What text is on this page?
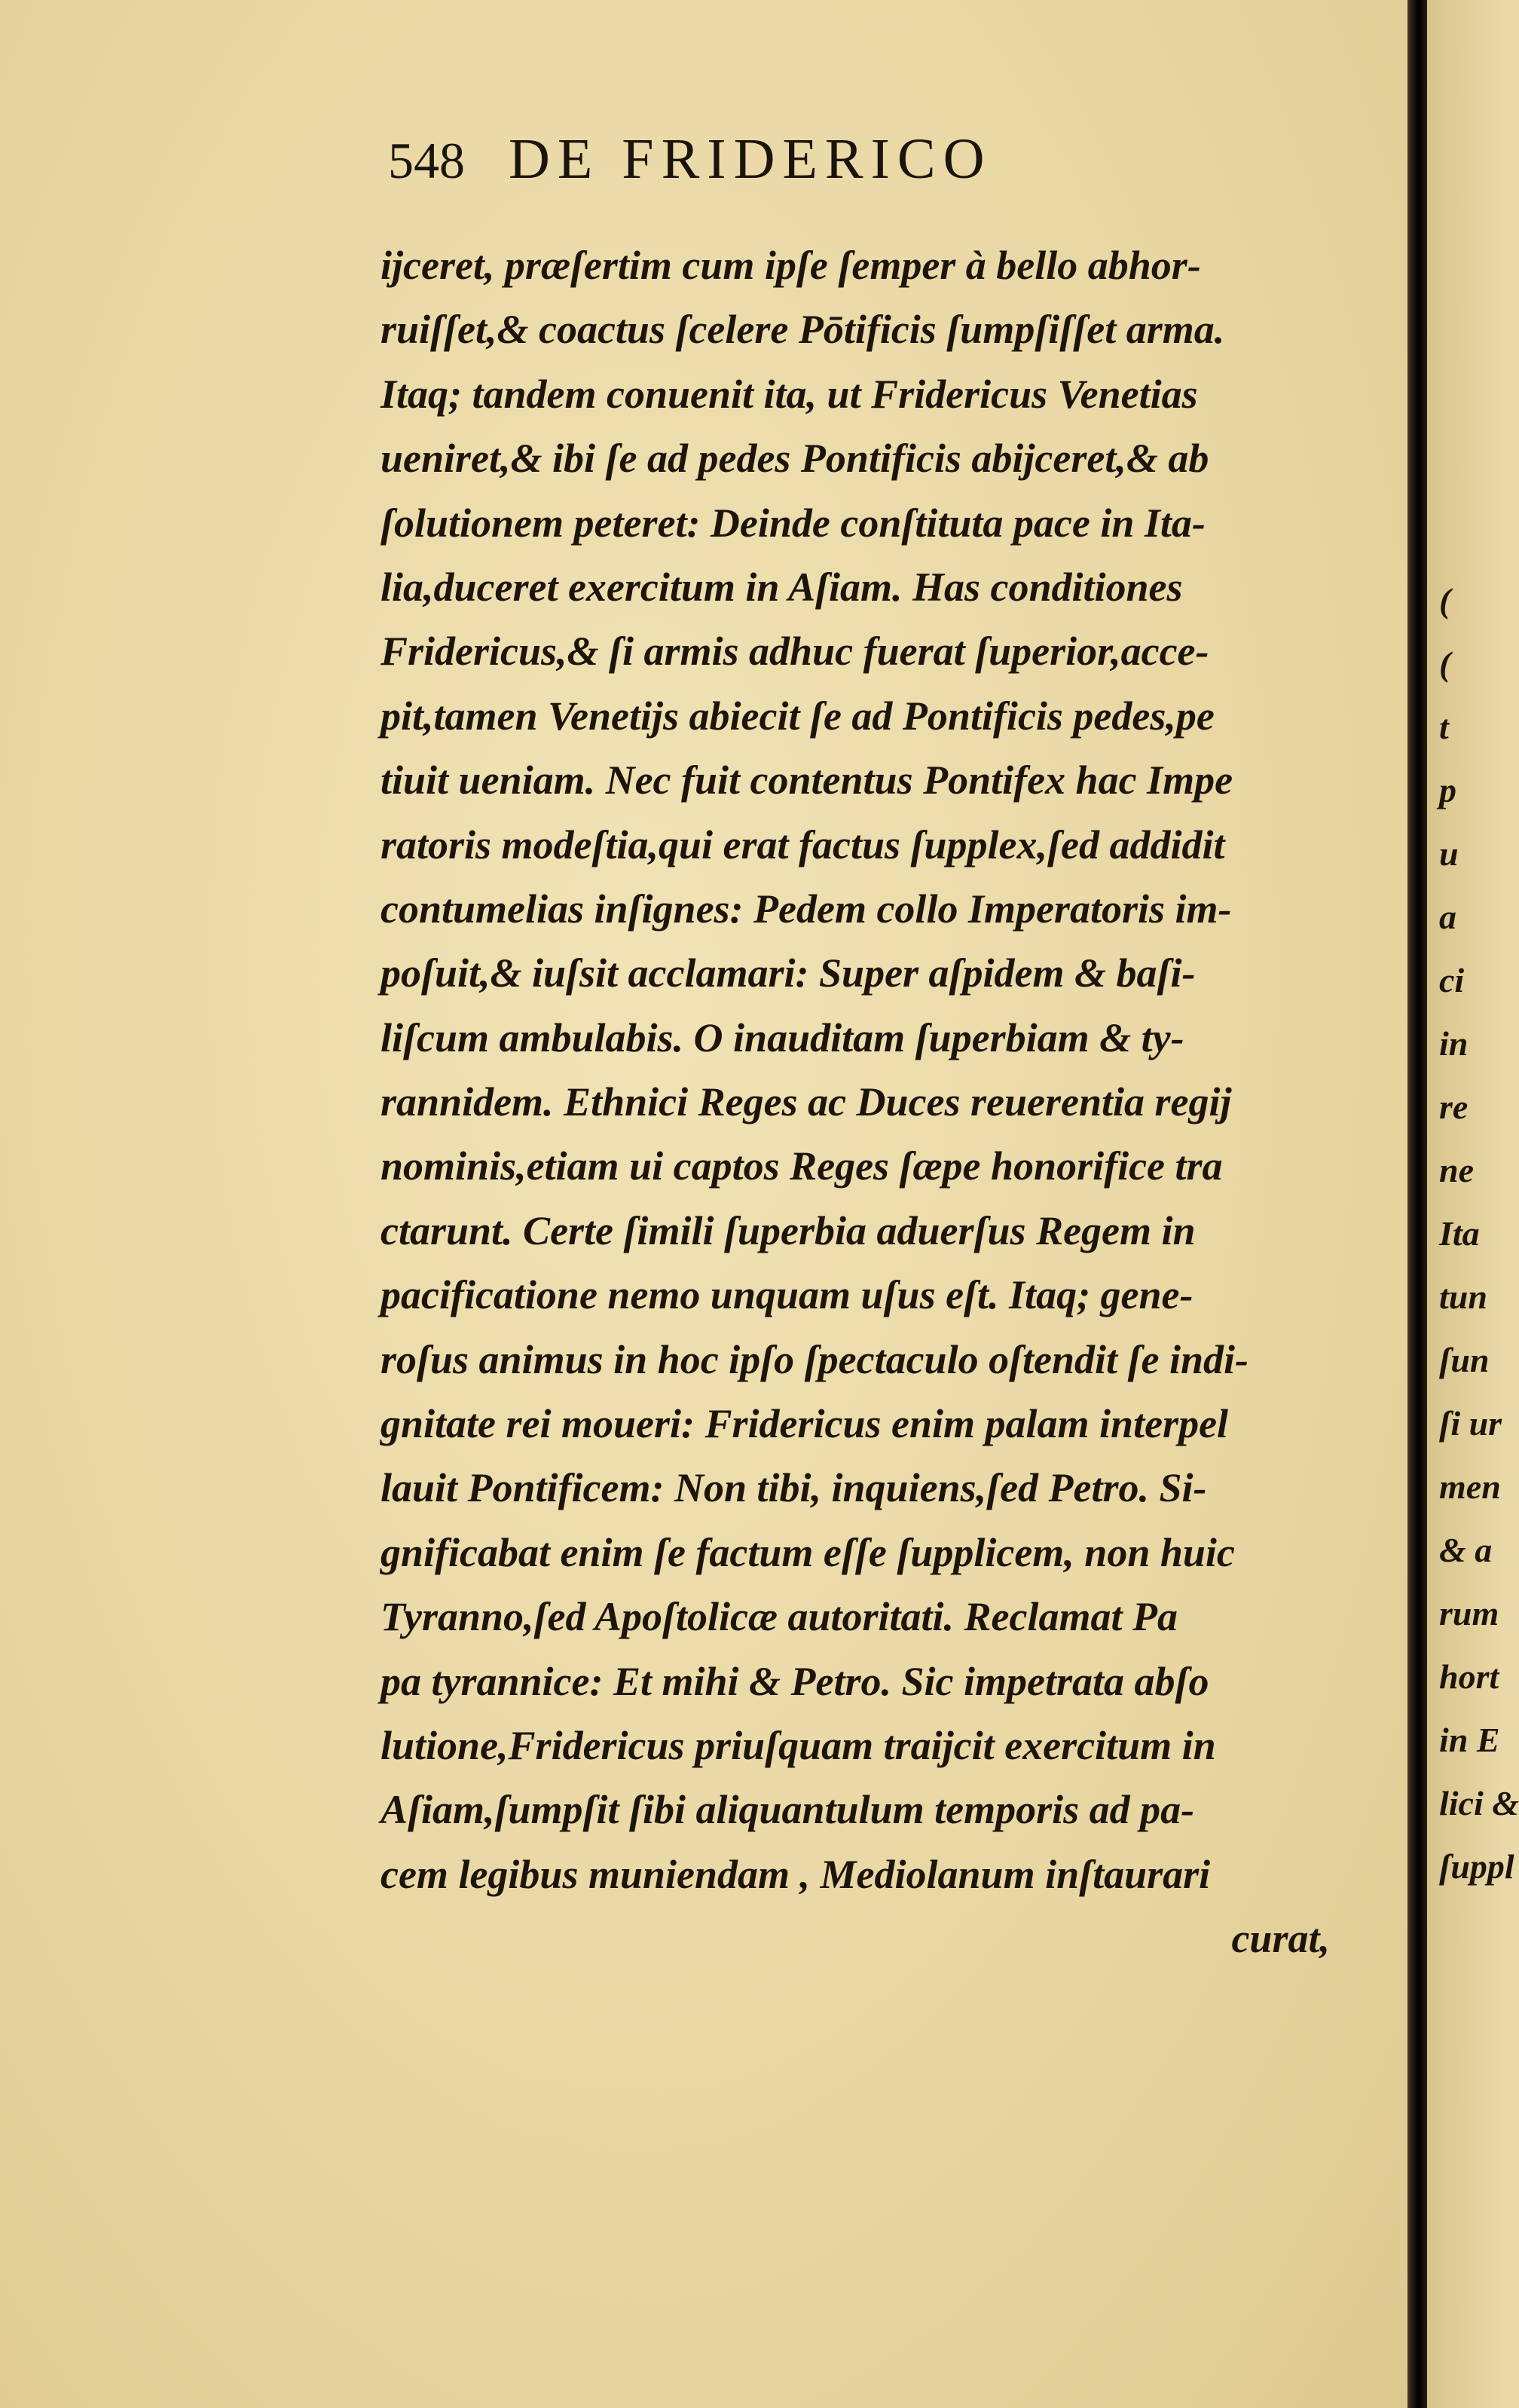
548 DE FRIDERICO
ijceret, præſertim cum ipſe ſemper à bello abhor-
ruiſſet,& coactus ſcelere Pōtificis ſumpſiſſet arma.
Itaq; tandem conuenit ita, ut Fridericus Venetias
ueniret,& ibi ſe ad pedes Pontificis abijceret,& ab
ſolutionem peteret: Deinde conſtituta pace in Ita-
lia,duceret exercitum in Aſiam. Has conditiones
Fridericus,& ſi armis adhuc fuerat ſuperior,acce-
pit,tamen Venetijs abiecit ſe ad Pontificis pedes,pe
tiuit ueniam. Nec fuit contentus Pontifex hac Impe
ratoris modeſtia,qui erat factus ſupplex,ſed addidit
contumelias inſignes: Pedem collo Imperatoris im-
poſuit,& iuſsit acclamari: Super aſpidem & baſi-
liſcum ambulabis. O inauditam ſuperbiam & ty-
rannidem. Ethnici Reges ac Duces reuerentia regij
nominis,etiam ui captos Reges ſæpe honorifice tra
ctarunt. Certe ſimili ſuperbia aduerſus Regem in
pacificatione nemo unquam uſus eſt. Itaq; gene-
roſus animus in hoc ipſo ſpectaculo oſtendit ſe indi-
gnitate rei moueri: Fridericus enim palam interpel
lauit Pontificem: Non tibi, inquiens,ſed Petro. Si-
gnificabat enim ſe factum eſſe ſupplicem, non huic
Tyranno,ſed Apoſtolicæ autoritati. Reclamat Pa
pa tyrannice: Et mihi & Petro. Sic impetrata abſo
lutione,Fridericus priuſquam traijcit exercitum in
Aſiam,ſumpſit ſibi aliquantulum temporis ad pa-
cem legibus muniendam , Mediolanum inſtaurari
curat,
(
(
t
p
u
a
ci
in
re
ne
Ita
tun
ſun
ſi ur
men
& a
rum
hort
in E
lici &
ſuppl
